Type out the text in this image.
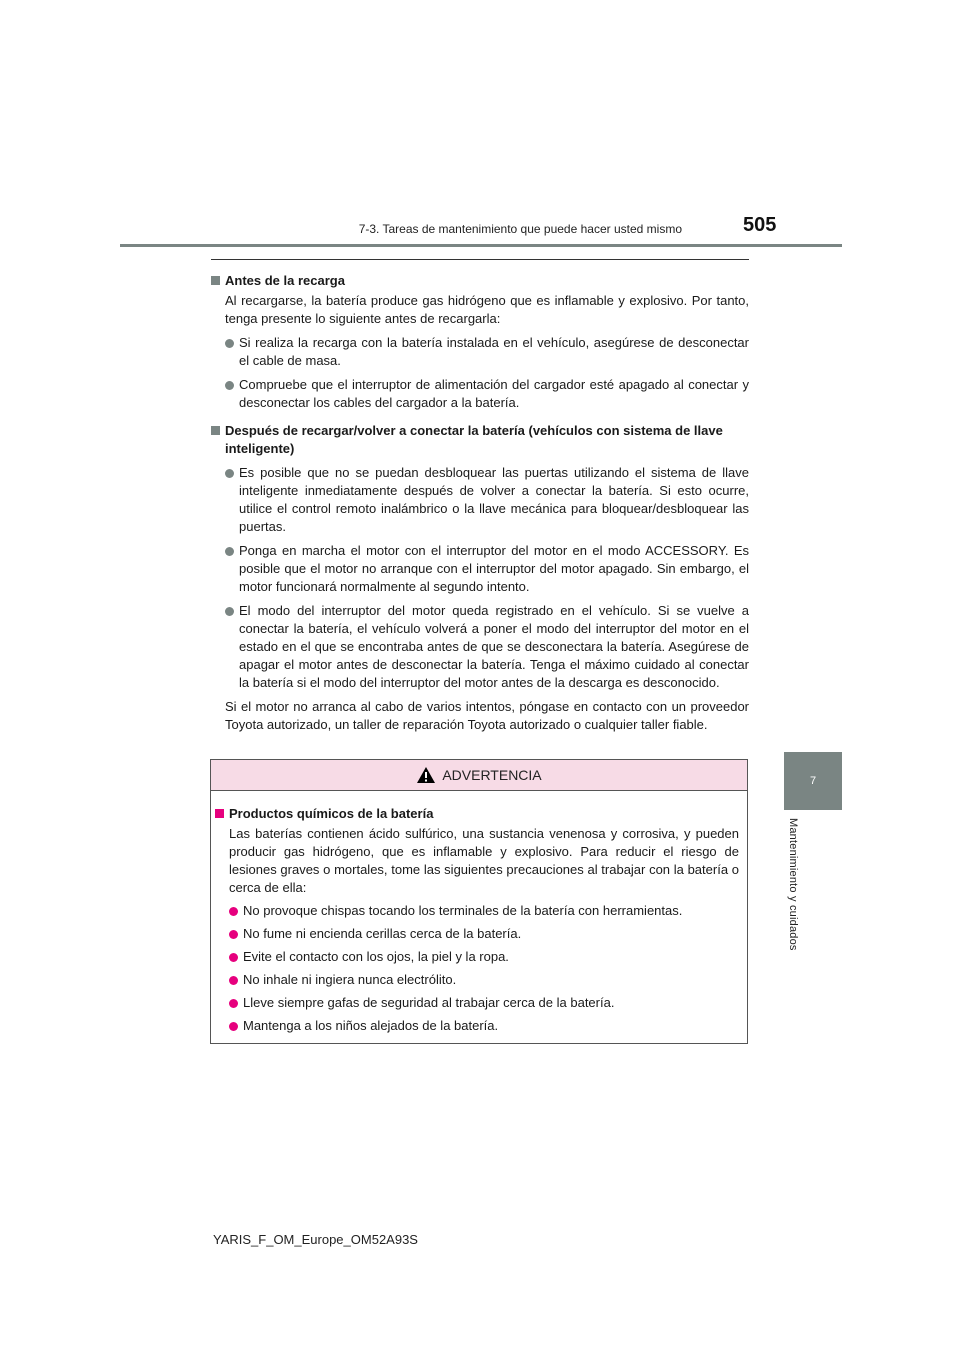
7-3. Tareas de mantenimiento que puede hacer usted mismo	505
7
Mantenimiento y cuidados
Antes de la recarga
Al recargarse, la batería produce gas hidrógeno que es inflamable y explosivo. Por tanto, tenga presente lo siguiente antes de recargarla:
Si realiza la recarga con la batería instalada en el vehículo, asegúrese de desconectar el cable de masa.
Compruebe que el interruptor de alimentación del cargador esté apagado al conectar y desconectar los cables del cargador a la batería.
Después de recargar/volver a conectar la batería (vehículos con sistema de llave inteligente)
Es posible que no se puedan desbloquear las puertas utilizando el sistema de llave inteligente inmediatamente después de volver a conectar la batería. Si esto ocurre, utilice el control remoto inalámbrico o la llave mecánica para bloquear/desbloquear las puertas.
Ponga en marcha el motor con el interruptor del motor en el modo ACCESSORY. Es posible que el motor no arranque con el interruptor del motor apagado. Sin embargo, el motor funcionará normalmente al segundo intento.
El modo del interruptor del motor queda registrado en el vehículo. Si se vuelve a conectar la batería, el vehículo volverá a poner el modo del interruptor del motor en el estado en el que se encontraba antes de que se desconectara la batería. Asegúrese de apagar el motor antes de desconectar la batería. Tenga el máximo cuidado al conectar la batería si el modo del interruptor del motor antes de la descarga es desconocido.
Si el motor no arranca al cabo de varios intentos, póngase en contacto con un proveedor Toyota autorizado, un taller de reparación Toyota autorizado o cualquier taller fiable.
ADVERTENCIA
Productos químicos de la batería
Las baterías contienen ácido sulfúrico, una sustancia venenosa y corrosiva, y pueden producir gas hidrógeno, que es inflamable y explosivo. Para reducir el riesgo de lesiones graves o mortales, tome las siguientes precauciones al trabajar con la batería o cerca de ella:
No provoque chispas tocando los terminales de la batería con herramientas.
No fume ni encienda cerillas cerca de la batería.
Evite el contacto con los ojos, la piel y la ropa.
No inhale ni ingiera nunca electrólito.
Lleve siempre gafas de seguridad al trabajar cerca de la batería.
Mantenga a los niños alejados de la batería.
YARIS_F_OM_Europe_OM52A93S
